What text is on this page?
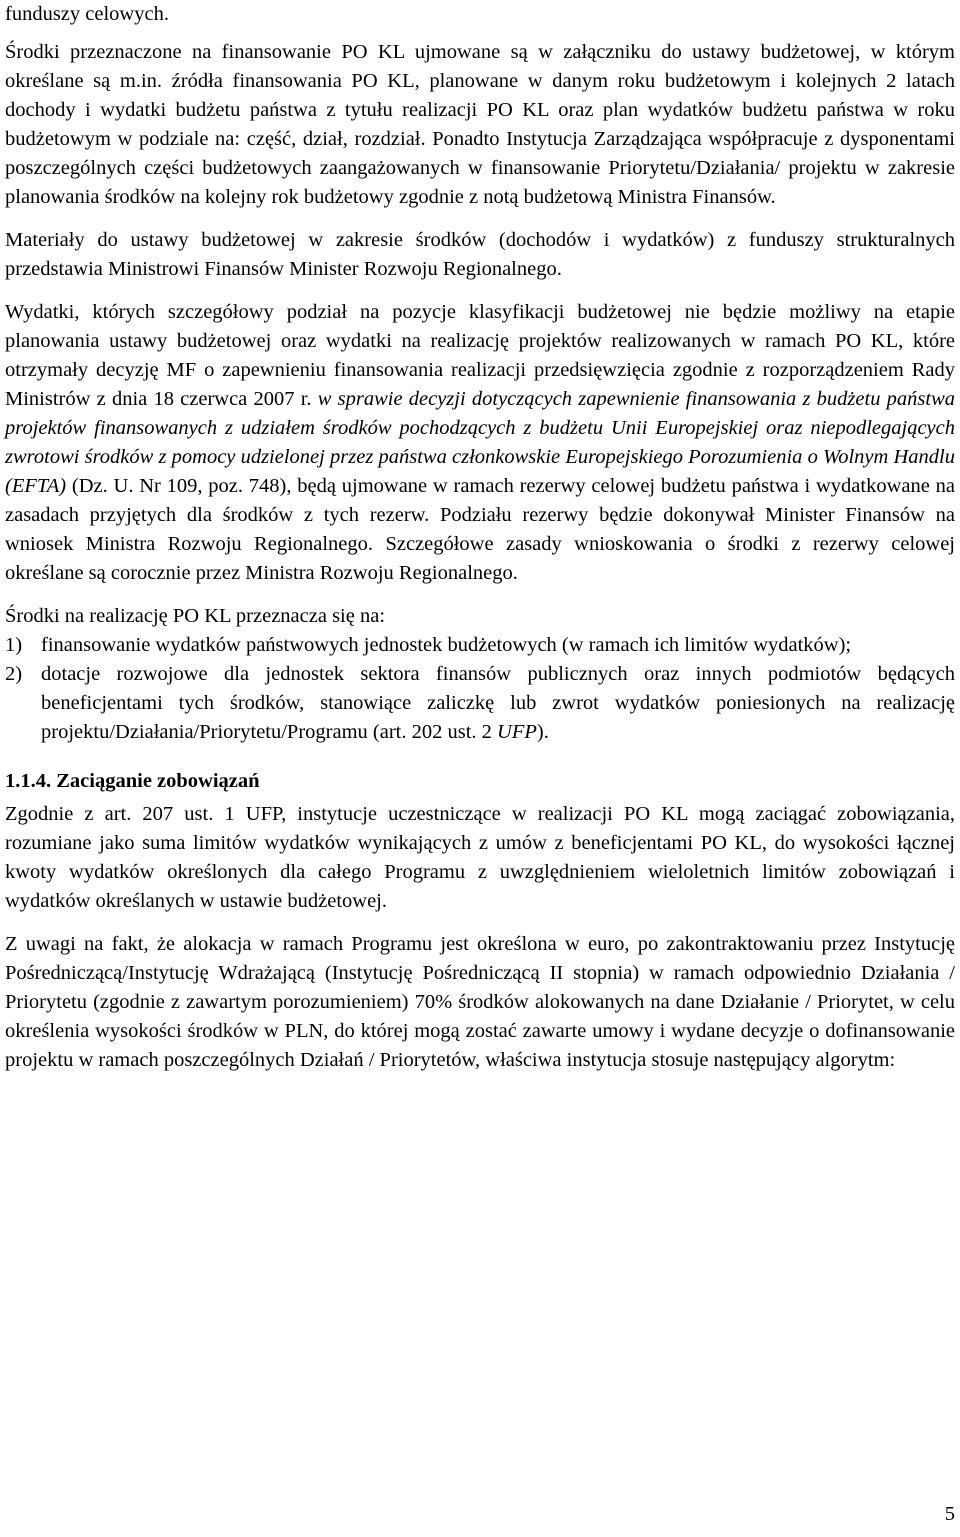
funduszy celowych.

Środki przeznaczone na finansowanie PO KL ujmowane są w załączniku do ustawy budżetowej, w którym określane są m.in. źródła finansowania PO KL, planowane w danym roku budżetowym i kolejnych 2 latach dochody i wydatki budżetu państwa z tytułu realizacji PO KL oraz plan wydatków budżetu państwa w roku budżetowym w podziale na: część, dział, rozdział. Ponadto Instytucja Zarządzająca współpracuje z dysponentami poszczególnych części budżetowych zaangażowanych w finansowanie Priorytetu/Działania/ projektu w zakresie planowania środków na kolejny rok budżetowy zgodnie z notą budżetową Ministra Finansów.

Materiały do ustawy budżetowej w zakresie środków (dochodów i wydatków) z funduszy strukturalnych przedstawia Ministrowi Finansów Minister Rozwoju Regionalnego.

Wydatki, których szczegółowy podział na pozycje klasyfikacji budżetowej nie będzie możliwy na etapie planowania ustawy budżetowej oraz wydatki na realizację projektów realizowanych w ramach PO KL, które otrzymały decyzję MF o zapewnieniu finansowania realizacji przedsięwzięcia zgodnie z rozporządzeniem Rady Ministrów z dnia 18 czerwca 2007 r. w sprawie decyzji dotyczących zapewnienie finansowania z budżetu państwa projektów finansowanych z udziałem środków pochodzących z budżetu Unii Europejskiej oraz niepodlegających zwrotowi środków z pomocy udzielonej przez państwa członkowskie Europejskiego Porozumienia o Wolnym Handlu (EFTA) (Dz. U. Nr 109, poz. 748), będą ujmowane w ramach rezerwy celowej budżetu państwa i wydatkowane na zasadach przyjętych dla środków z tych rezerw. Podziału rezerwy będzie dokonywał Minister Finansów na wniosek Ministra Rozwoju Regionalnego. Szczegółowe zasady wnioskowania o środki z rezerwy celowej określane są corocznie przez Ministra Rozwoju Regionalnego.

Środki na realizację PO KL przeznacza się na:

1) finansowanie wydatków państwowych jednostek budżetowych (w ramach ich limitów wydatków);
2) dotacje rozwojowe dla jednostek sektora finansów publicznych oraz innych podmiotów będących beneficjentami tych środków, stanowiące zaliczkę lub zwrot wydatków poniesionych na realizację projektu/Działania/Priorytetu/Programu (art. 202 ust. 2 UFP).
1.1.4. Zaciąganie zobowiązań

Zgodnie z art. 207 ust. 1 UFP, instytucje uczestniczące w realizacji PO KL mogą zaciągać zobowiązania, rozumiane jako suma limitów wydatków wynikających z umów z beneficjentami PO KL, do wysokości łącznej kwoty wydatków określonych dla całego Programu z uwzględnieniem wieloletnich limitów zobowiązań i wydatków określanych w ustawie budżetowej.

Z uwagi na fakt, że alokacja w ramach Programu jest określona w euro, po zakontraktowaniu przez Instytucję Pośredniczącą/Instytucję Wdrażającą (Instytucję Pośredniczącą II stopnia) w ramach odpowiednio Działania / Priorytetu (zgodnie z zawartym porozumieniem) 70% środków alokowanych na dane Działanie / Priorytet, w celu określenia wysokości środków w PLN, do której mogą zostać zawarte umowy i wydane decyzje o dofinansowanie projektu w ramach poszczególnych Działań / Priorytetów, właściwa instytucja stosuje następujący algorytm:

5
